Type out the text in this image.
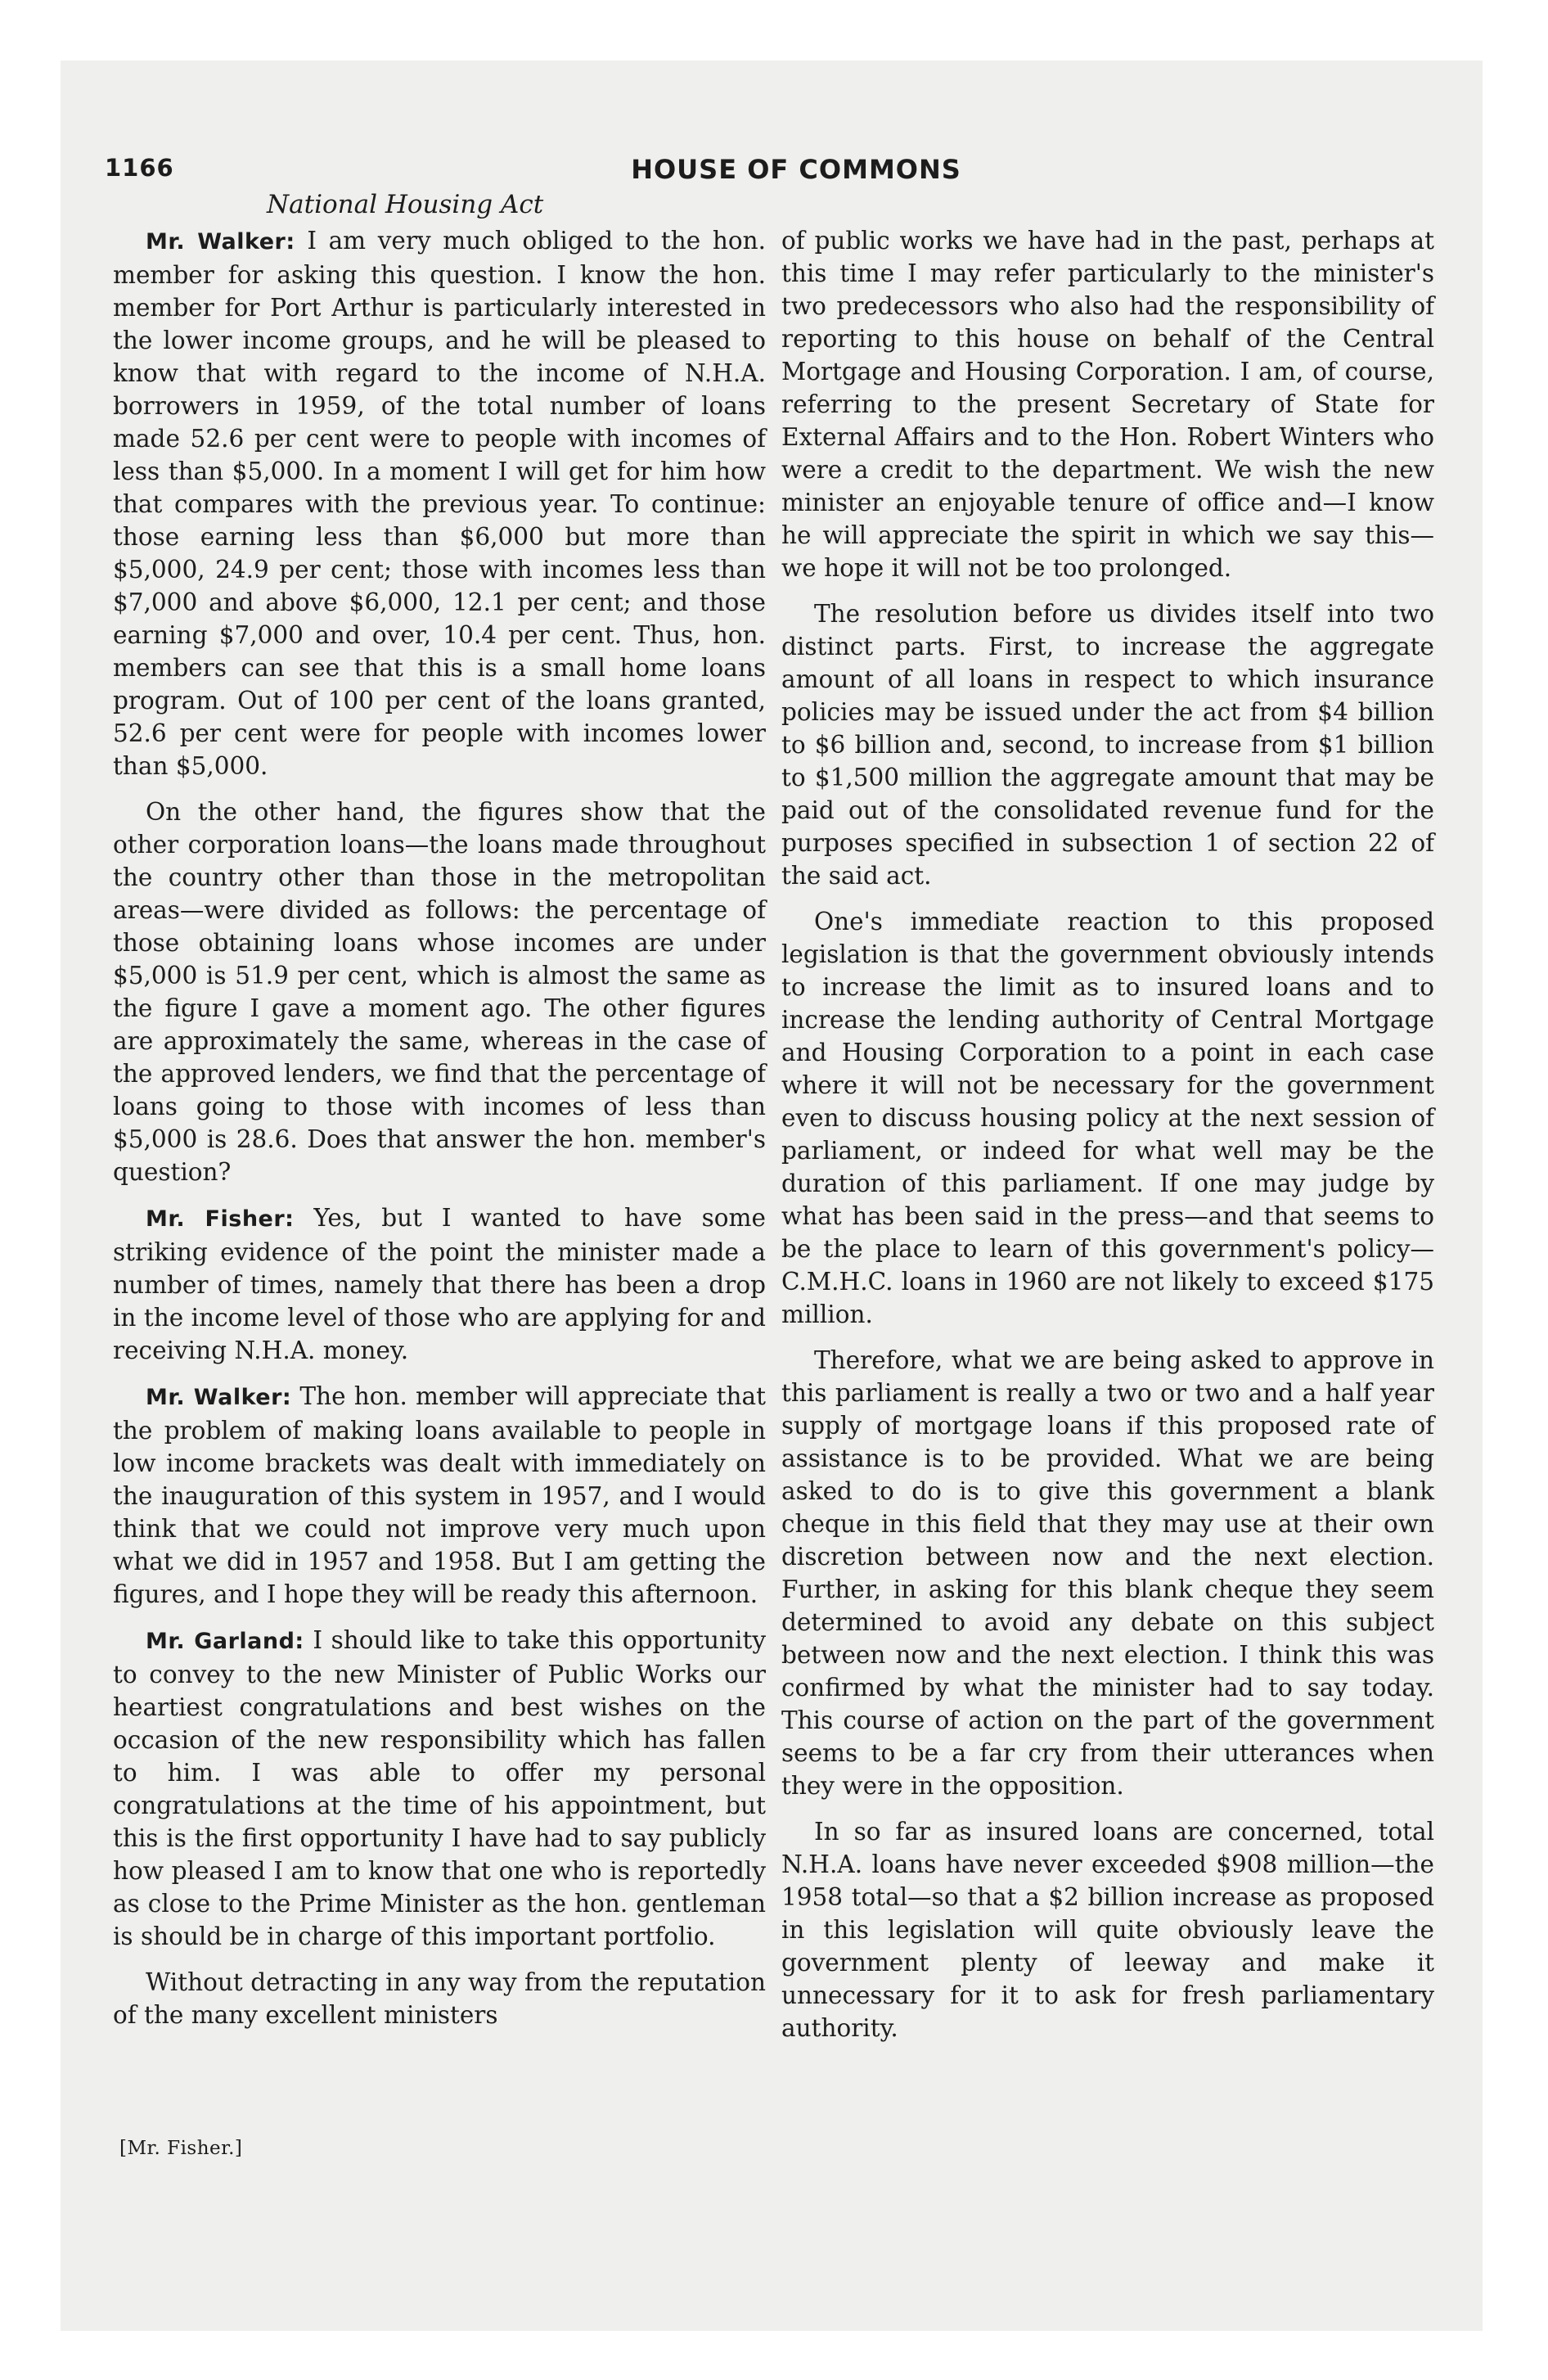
1166	HOUSE OF COMMONS
National Housing Act

Mr. Walker: I am very much obliged to the hon. member for asking this question. I know the hon. member for Port Arthur is particularly interested in the lower income groups, and he will be pleased to know that with regard to the income of N.H.A. borrowers in 1959, of the total number of loans made 52.6 per cent were to people with incomes of less than $5,000. In a moment I will get for him how that compares with the previous year. To continue: those earning less than $6,000 but more than $5,000, 24.9 per cent; those with incomes less than $7,000 and above $6,000, 12.1 per cent; and those earning $7,000 and over, 10.4 per cent. Thus, hon. members can see that this is a small home loans program. Out of 100 per cent of the loans granted, 52.6 per cent were for people with incomes lower than $5,000.

On the other hand, the figures show that the other corporation loans—the loans made throughout the country other than those in the metropolitan areas—were divided as follows: the percentage of those obtaining loans whose incomes are under $5,000 is 51.9 per cent, which is almost the same as the figure I gave a moment ago. The other figures are approximately the same, whereas in the case of the approved lenders, we find that the percentage of loans going to those with incomes of less than $5,000 is 28.6. Does that answer the hon. member's question?

Mr. Fisher: Yes, but I wanted to have some striking evidence of the point the minister made a number of times, namely that there has been a drop in the income level of those who are applying for and receiving N.H.A. money.

Mr. Walker: The hon. member will appreciate that the problem of making loans available to people in low income brackets was dealt with immediately on the inauguration of this system in 1957, and I would think that we could not improve very much upon what we did in 1957 and 1958. But I am getting the figures, and I hope they will be ready this afternoon.

Mr. Garland: I should like to take this opportunity to convey to the new Minister of Public Works our heartiest congratulations and best wishes on the occasion of the new responsibility which has fallen to him. I was able to offer my personal congratulations at the time of his appointment, but this is the first opportunity I have had to say publicly how pleased I am to know that one who is reportedly as close to the Prime Minister as the hon. gentleman is should be in charge of this important portfolio.

Without detracting in any way from the reputation of the many excellent ministers

of public works we have had in the past, perhaps at this time I may refer particularly to the minister's two predecessors who also had the responsibility of reporting to this house on behalf of the Central Mortgage and Housing Corporation. I am, of course, referring to the present Secretary of State for External Affairs and to the Hon. Robert Winters who were a credit to the department. We wish the new minister an enjoyable tenure of office and—I know he will appreciate the spirit in which we say this—we hope it will not be too prolonged.

The resolution before us divides itself into two distinct parts. First, to increase the aggregate amount of all loans in respect to which insurance policies may be issued under the act from $4 billion to $6 billion and, second, to increase from $1 billion to $1,500 million the aggregate amount that may be paid out of the consolidated revenue fund for the purposes specified in subsection 1 of section 22 of the said act.

One's immediate reaction to this proposed legislation is that the government obviously intends to increase the limit as to insured loans and to increase the lending authority of Central Mortgage and Housing Corporation to a point in each case where it will not be necessary for the government even to discuss housing policy at the next session of parliament, or indeed for what well may be the duration of this parliament. If one may judge by what has been said in the press—and that seems to be the place to learn of this government's policy—C.M.H.C. loans in 1960 are not likely to exceed $175 million.

Therefore, what we are being asked to approve in this parliament is really a two or two and a half year supply of mortgage loans if this proposed rate of assistance is to be provided. What we are being asked to do is to give this government a blank cheque in this field that they may use at their own discretion between now and the next election. Further, in asking for this blank cheque they seem determined to avoid any debate on this subject between now and the next election. I think this was confirmed by what the minister had to say today. This course of action on the part of the government seems to be a far cry from their utterances when they were in the opposition.

In so far as insured loans are concerned, total N.H.A. loans have never exceeded $908 million—the 1958 total—so that a $2 billion increase as proposed in this legislation will quite obviously leave the government plenty of leeway and make it unnecessary for it to ask for fresh parliamentary authority.

[Mr. Fisher.]
